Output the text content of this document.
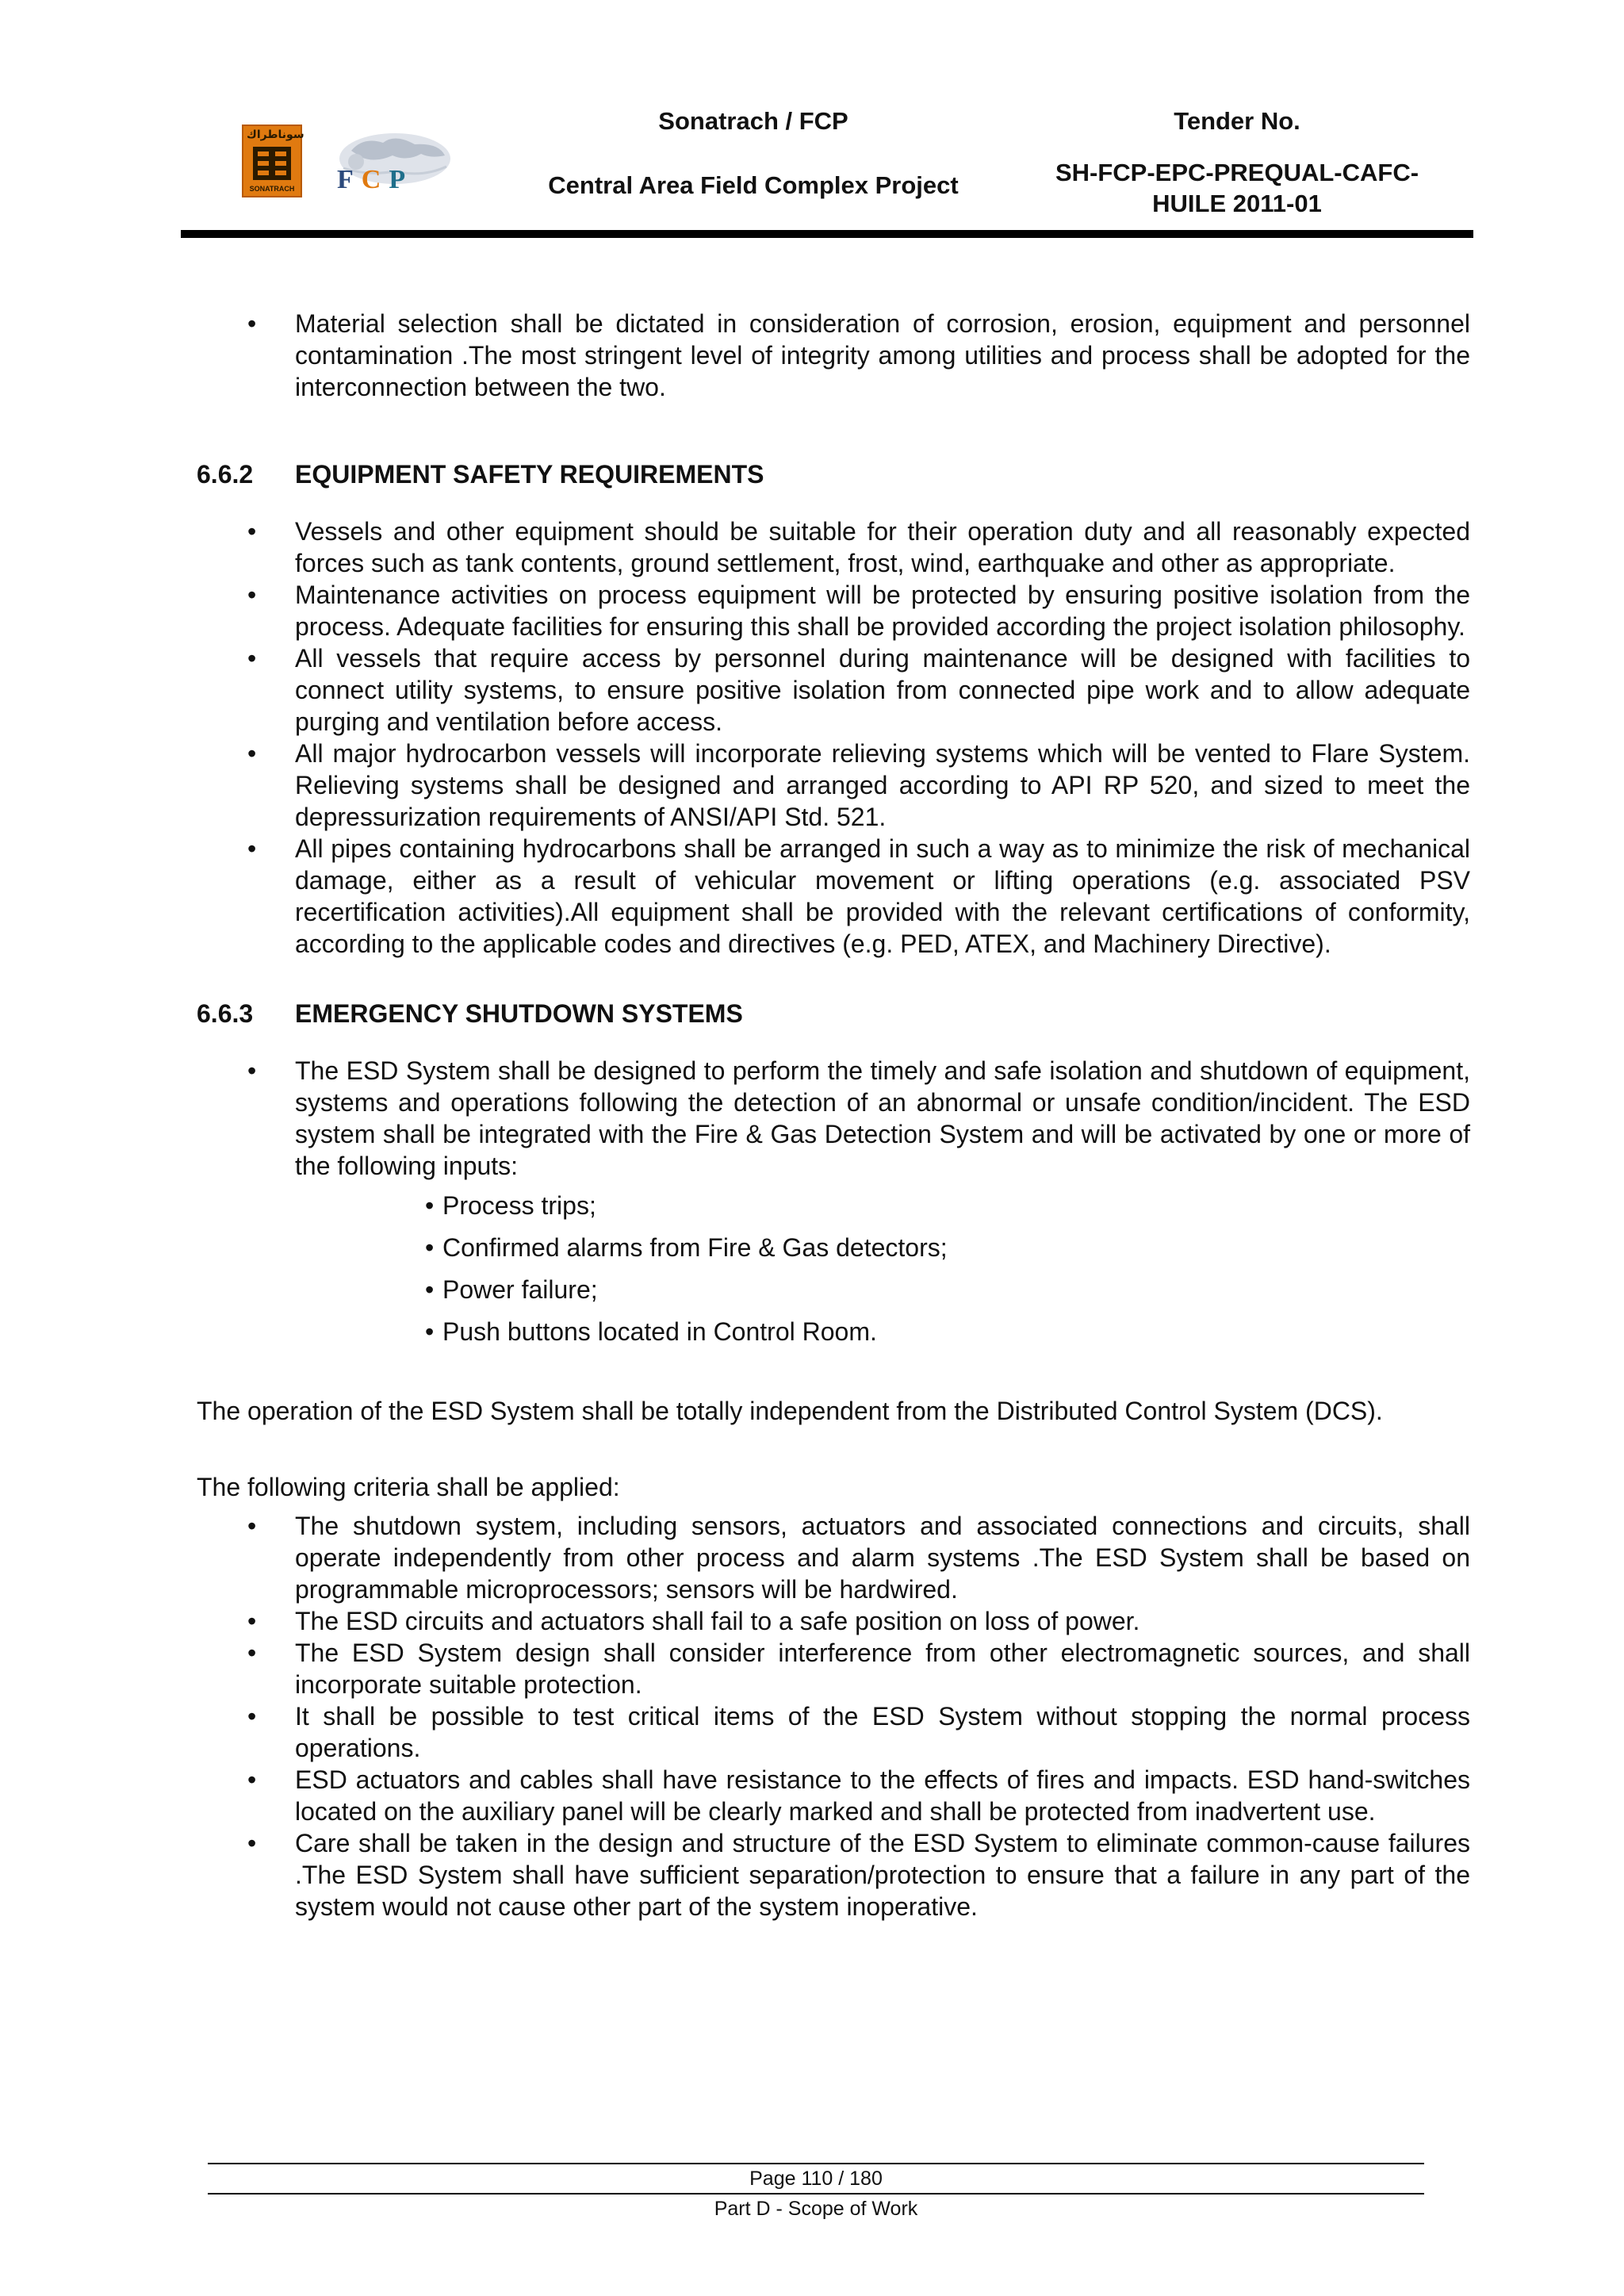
سوناطراك
SONATRACH FCP
Sonatrach / FCP
Central Area Field Complex Project
Tender No.
SH-FCP-EPC-PREQUAL-CAFC-HUILE 2011-01
• Material selection shall be dictated in consideration of corrosion, erosion, equipment and personnel contamination .The most stringent level of integrity among utilities and process shall be adopted for the interconnection between the two.
6.6.2 EQUIPMENT SAFETY REQUIREMENTS
• Vessels and other equipment should be suitable for their operation duty and all reasonably expected forces such as tank contents, ground settlement, frost, wind, earthquake and other as appropriate.
• Maintenance activities on process equipment will be protected by ensuring positive isolation from the process. Adequate facilities for ensuring this shall be provided according the project isolation philosophy.
• All vessels that require access by personnel during maintenance will be designed with facilities to connect utility systems, to ensure positive isolation from connected pipe work and to allow adequate purging and ventilation before access.
• All major hydrocarbon vessels will incorporate relieving systems which will be vented to Flare System. Relieving systems shall be designed and arranged according to API RP 520, and sized to meet the depressurization requirements of ANSI/API Std. 521.
• All pipes containing hydrocarbons shall be arranged in such a way as to minimize the risk of mechanical damage, either as a result of vehicular movement or lifting operations (e.g. associated PSV recertification activities).All equipment shall be provided with the relevant certifications of conformity, according to the applicable codes and directives (e.g. PED, ATEX, and Machinery Directive).
6.6.3 EMERGENCY SHUTDOWN SYSTEMS
• The ESD System shall be designed to perform the timely and safe isolation and shutdown of equipment, systems and operations following the detection of an abnormal or unsafe condition/incident. The ESD system shall be integrated with the Fire & Gas Detection System and will be activated by one or more of the following inputs:
• Process trips;
• Confirmed alarms from Fire & Gas detectors;
• Power failure;
• Push buttons located in Control Room.

The operation of the ESD System shall be totally independent from the Distributed Control System (DCS).

The following criteria shall be applied:

• The shutdown system, including sensors, actuators and associated connections and circuits, shall operate independently from other process and alarm systems .The ESD System shall be based on programmable microprocessors; sensors will be hardwired.
• The ESD circuits and actuators shall fail to a safe position on loss of power.
• The ESD System design shall consider interference from other electromagnetic sources, and shall incorporate suitable protection.
• It shall be possible to test critical items of the ESD System without stopping the normal process operations.
• ESD actuators and cables shall have resistance to the effects of fires and impacts. ESD hand-switches located on the auxiliary panel will be clearly marked and shall be protected from inadvertent use.
• Care shall be taken in the design and structure of the ESD System to eliminate common-cause failures .The ESD System shall have sufficient separation/protection to ensure that a failure in any part of the system would not cause other part of the system inoperative.
Page 110 / 180
Part D - Scope of Work
